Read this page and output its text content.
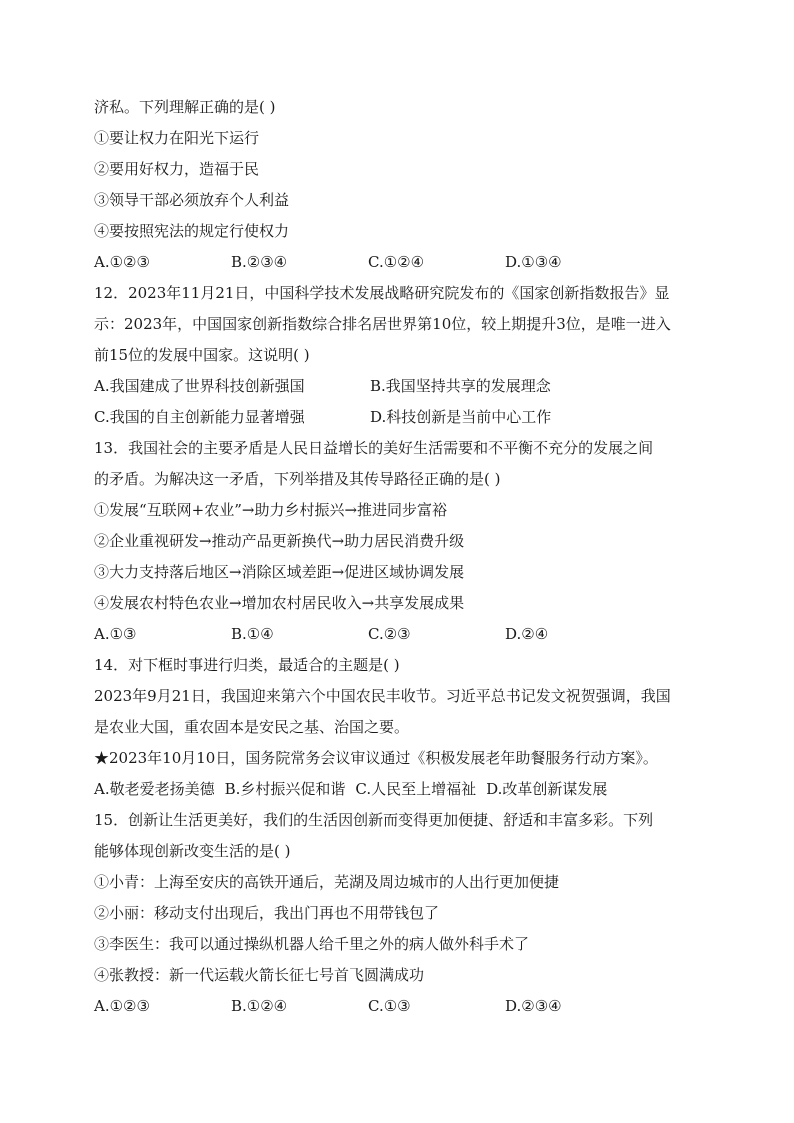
济私。下列理解正确的是( )
①要让权力在阳光下运行
②要用好权力，造福于民
③领导干部必须放弃个人利益
④要按照宪法的规定行使权力
A.①②③	B.②③④	C.①②④	D.①③④
12．2023年11月21日，中国科学技术发展战略研究院发布的《国家创新指数报告》显
示：2023年，中国国家创新指数综合排名居世界第10位，较上期提升3位，是唯一进入
前15位的发展中国家。这说明( )
A.我国建成了世界科技创新强国	B.我国坚持共享的发展理念
C.我国的自主创新能力显著增强	D.科技创新是当前中心工作
13．我国社会的主要矛盾是人民日益增长的美好生活需要和不平衡不充分的发展之间
的矛盾。为解决这一矛盾，下列举措及其传导路径正确的是( )
①发展“互联网+农业”→助力乡村振兴→推进同步富裕
②企业重视研发→推动产品更新换代→助力居民消费升级
③大力支持落后地区→消除区域差距→促进区域协调发展
④发展农村特色农业→增加农村居民收入→共享发展成果
A.①③	B.①④	C.②③	D.②④
14．对下框时事进行归类，最适合的主题是( )
2023年9月21日，我国迎来第六个中国农民丰收节。习近平总书记发文祝贺强调，我国
是农业大国，重农固本是安民之基、治国之要。
★2023年10月10日，国务院常务会议审议通过《积极发展老年助餐服务行动方案》。
A.敬老爱老扬美德 B.乡村振兴促和谐 C.人民至上增福祉 D.改革创新谋发展
15．创新让生活更美好，我们的生活因创新而变得更加便捷、舒适和丰富多彩。下列
能够体现创新改变生活的是( )
①小青：上海至安庆的高铁开通后，芜湖及周边城市的人出行更加便捷
②小丽：移动支付出现后，我出门再也不用带钱包了
③李医生：我可以通过操纵机器人给千里之外的病人做外科手术了
④张教授：新一代运载火箭长征七号首飞圆满成功
A.①②③	B.①②④	C.①③	D.②③④
